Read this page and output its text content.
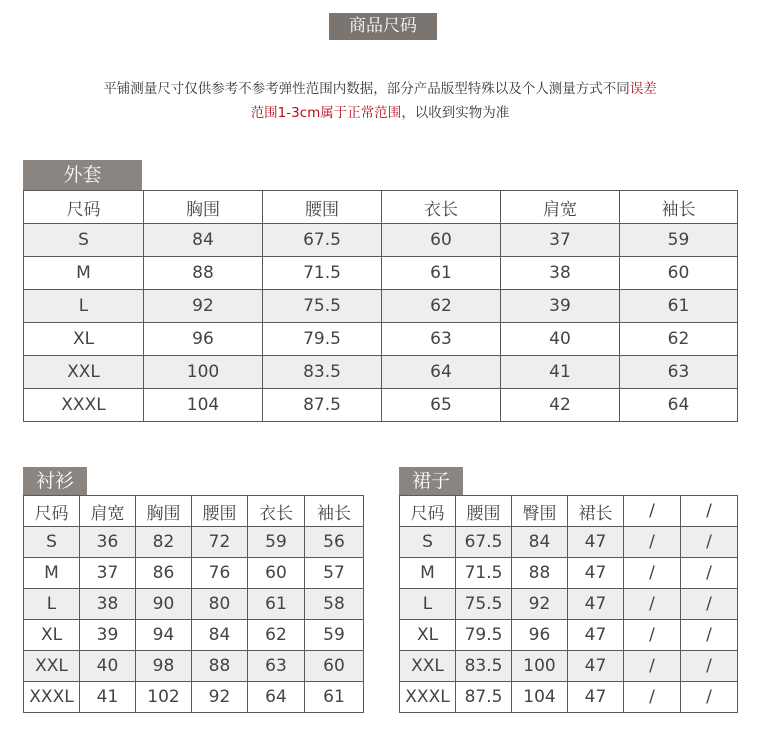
商品尺码
平铺测量尺寸仅供参考不参考弹性范围内数据，部分产品版型特殊以及个人测量方式不同误差
范围1-3cm属于正常范围，以收到实物为准
外套
尺码	胸围	腰围	衣长	肩宽	袖长
S	84	67.5	60	37	59
M	88	71.5	61	38	60
L	92	75.5	62	39	61
XL	96	79.5	63	40	62
XXL	100	83.5	64	41	63
XXXL	104	87.5	65	42	64
衬衫
尺码	肩宽	胸围	腰围	衣长	袖长
S	36	82	72	59	56
M	37	86	76	60	57
L	38	90	80	61	58
XL	39	94	84	62	59
XXL	40	98	88	63	60
XXXL	41	102	92	64	61
裙子
尺码	腰围	臀围	裙长	/	/
S	67.5	84	47	/	/
M	71.5	88	47	/	/
L	75.5	92	47	/	/
XL	79.5	96	47	/	/
XXL	83.5	100	47	/	/
XXXL	87.5	104	47	/	/
